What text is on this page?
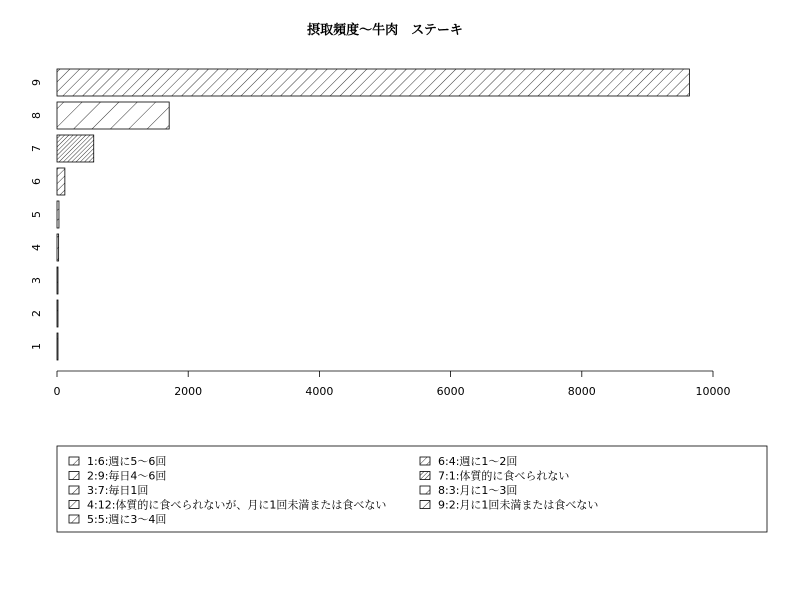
摂取頻度～牛肉　ステーキ
1
2
3
4
5
6
7
8
9
0	2000	4000	6000	8000	10000
1:6:週に5～6回
2:9:毎日4～6回
3:7:毎日1回
4:12:体質的に食べられないが、月に1回未満または食べない
5:5:週に3～4回
6:4:週に1～2回
7:1:体質的に食べられない
8:3:月に1～3回
9:2:月に1回未満または食べない
